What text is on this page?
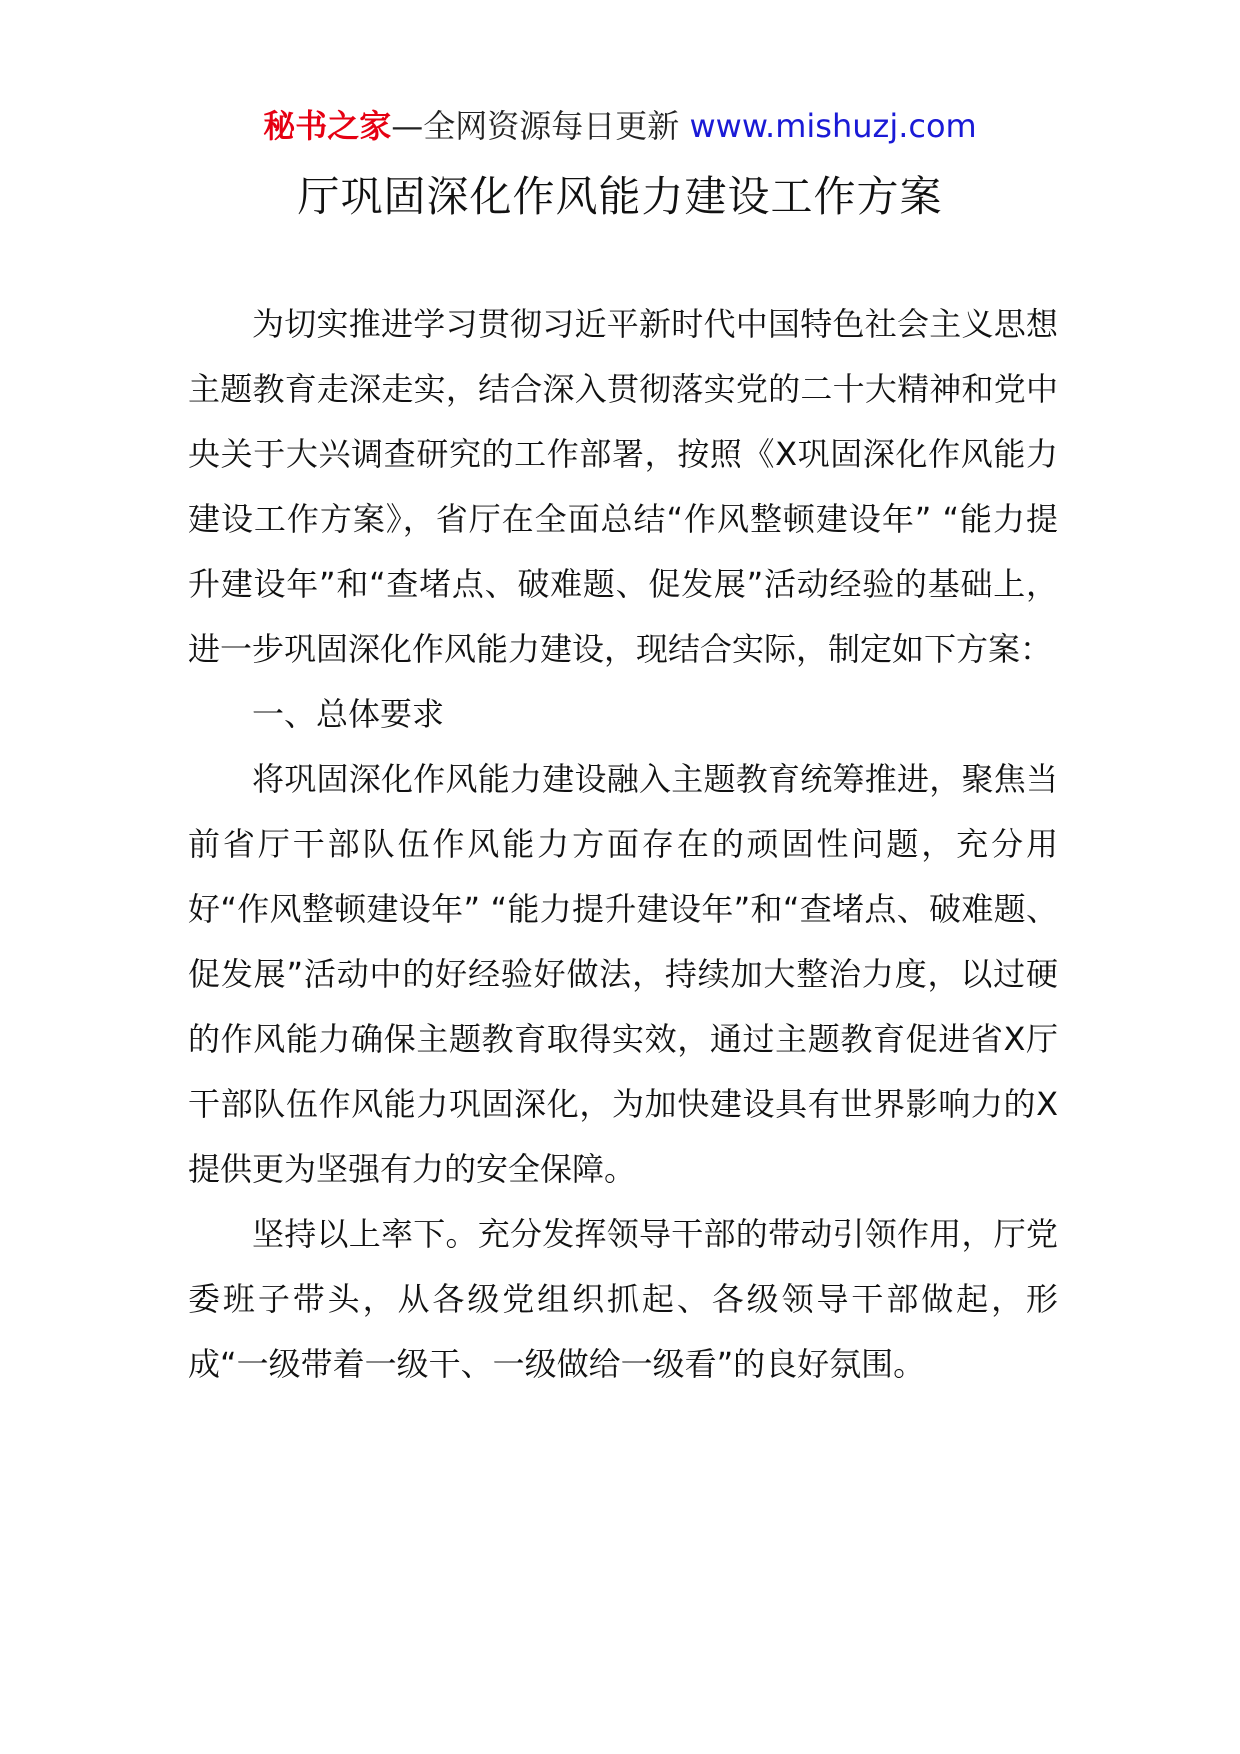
秘书之家—全网资源每日更新 www.mishuzj.com
厅巩固深化作风能力建设工作方案

为切实推进学习贯彻习近平新时代中国特色社会主义思想主题教育走深走实，结合深入贯彻落实党的二十大精神和党中央关于大兴调查研究的工作部署，按照《X巩固深化作风能力建设工作方案》，省厅在全面总结“作风整顿建设年” “能力提升建设年”和“查堵点、破难题、促发展”活动经验的基础上，进一步巩固深化作风能力建设，现结合实际，制定如下方案：

一、总体要求

将巩固深化作风能力建设融入主题教育统筹推进，聚焦当前省厅干部队伍作风能力方面存在的顽固性问题，充分用好“作风整顿建设年” “能力提升建设年”和“查堵点、破难题、促发展”活动中的好经验好做法，持续加大整治力度，以过硬的作风能力确保主题教育取得实效，通过主题教育促进省X厅干部队伍作风能力巩固深化，为加快建设具有世界影响力的X提供更为坚强有力的安全保障。

坚持以上率下。充分发挥领导干部的带动引领作用，厅党委班子带头，从各级党组织抓起、各级领导干部做起，形成“一级带着一级干、一级做给一级看”的良好氛围。
